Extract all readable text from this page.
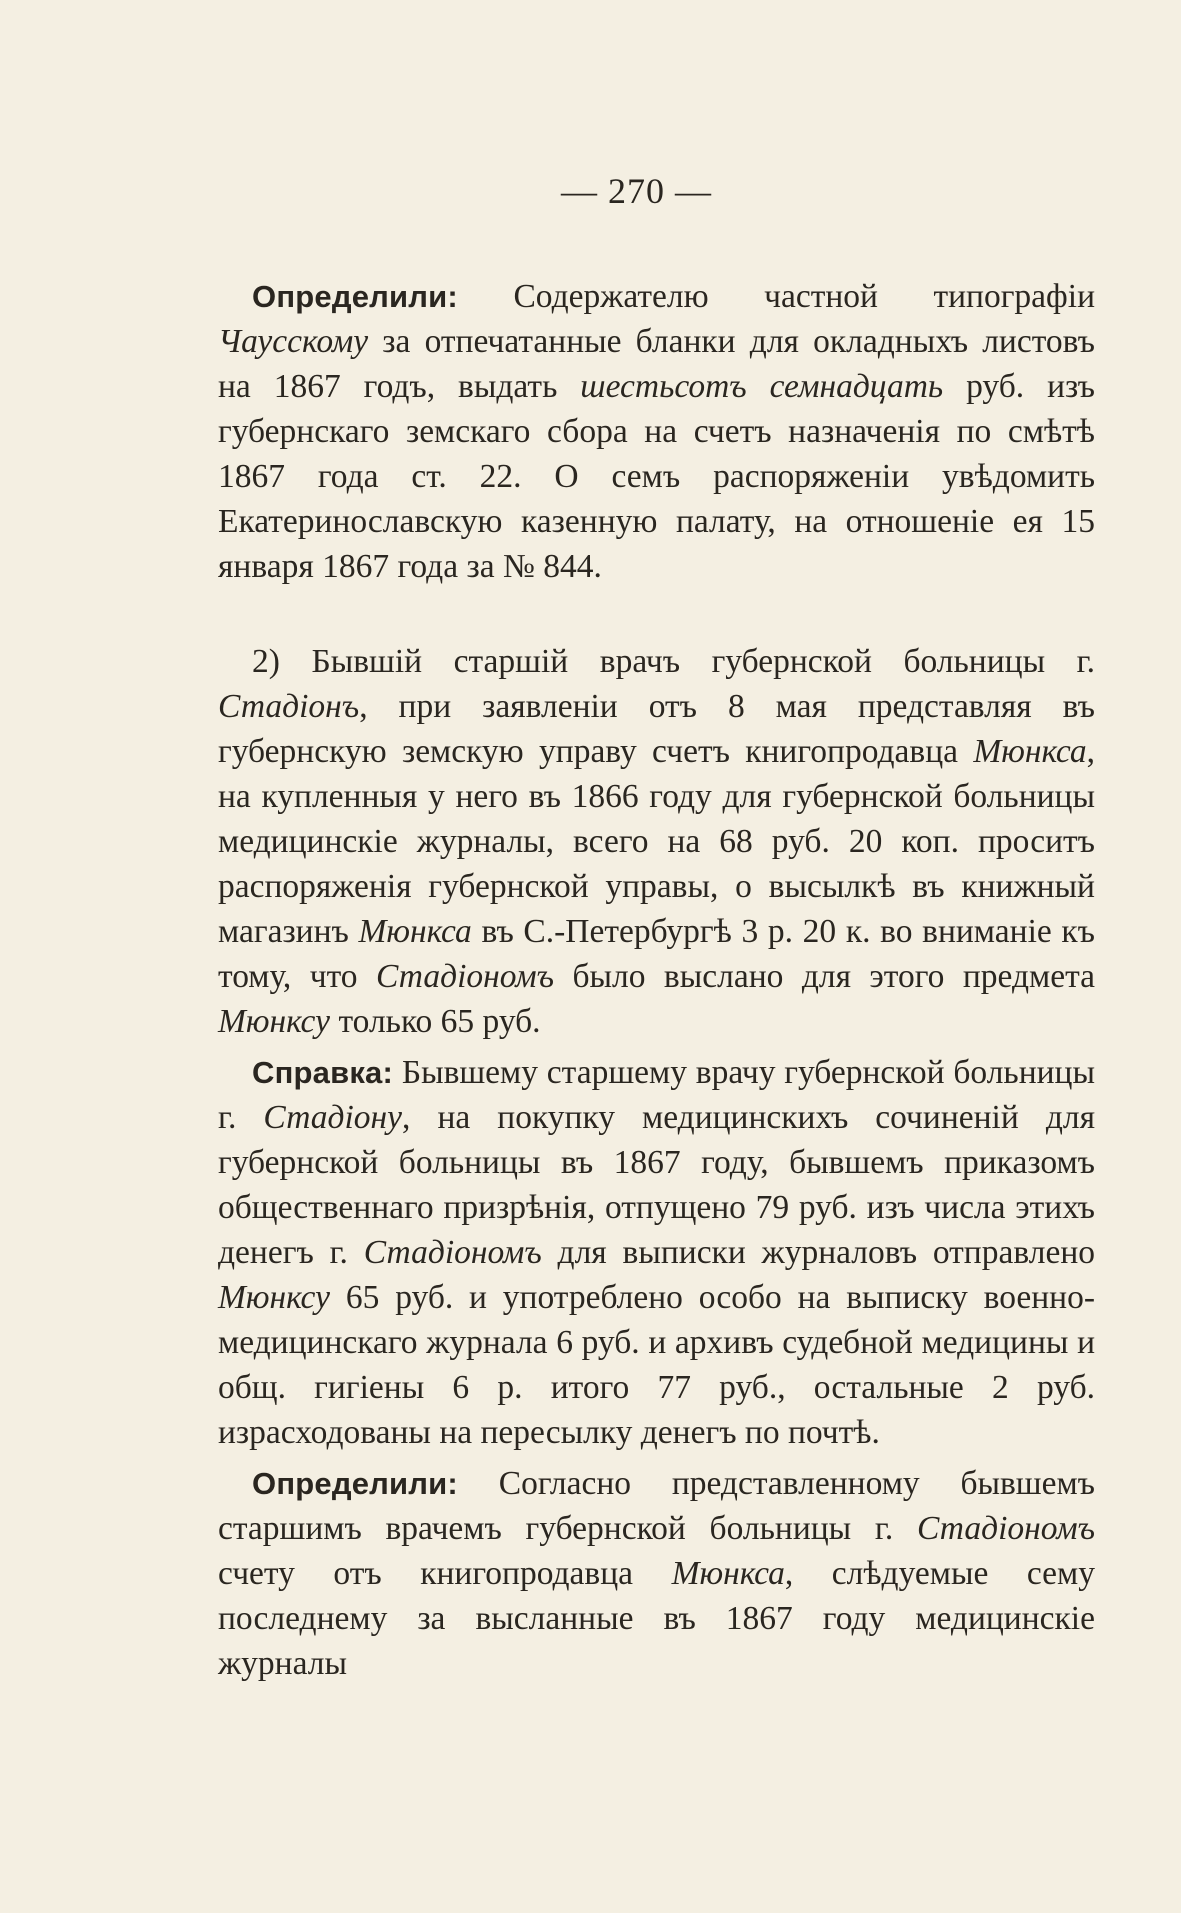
— 270 —

Определили: Содержателю частной типографіи Чаусскому за отпечатанные бланки для окладныхъ листовъ на 1867 годъ, выдать шестьсотъ семнадцать руб. изъ губернскаго земскаго сбора на счетъ назначенія по смѣтѣ 1867 года ст. 22. О семъ распоряженіи увѣдомить Екатеринославскую казенную палату, на отношеніе ея 15 января 1867 года за № 844.

2) Бывшій старшій врачъ губернской больницы г. Стадіонъ, при заявленіи отъ 8 мая представляя въ губернскую земскую управу счетъ книгопродавца Мюнкса, на купленныя у него въ 1866 году для губернской больницы медицинскіе журналы, всего на 68 руб. 20 коп. проситъ распоряженія губернской управы, о высылкѣ въ книжный магазинъ Мюнкса въ С.-Петербургѣ 3 р. 20 к. во вниманіе къ тому, что Стадіономъ было выслано для этого предмета Мюнксу только 65 руб.

Справка: Бывшему старшему врачу губернской больницы г. Стадіону, на покупку медицинскихъ сочиненій для губернской больницы въ 1867 году, бывшемъ приказомъ общественнаго призрѣнія, отпущено 79 руб. изъ числа этихъ денегъ г. Стадіономъ для выписки журналовъ отправлено Мюнксу 65 руб. и употреблено особо на выписку военно-медицинскаго журнала 6 руб. и архивъ судебной медицины и общ. гигіены 6 р. итого 77 руб., остальные 2 руб. израсходованы на пересылку денегъ по почтѣ.

Определили: Согласно представленному бывшемъ старшимъ врачемъ губернской больницы г. Стадіономъ счету отъ книгопродавца Мюнкса, слѣдуемые сему последнему за высланные въ 1867 году медицинскіе журналы
